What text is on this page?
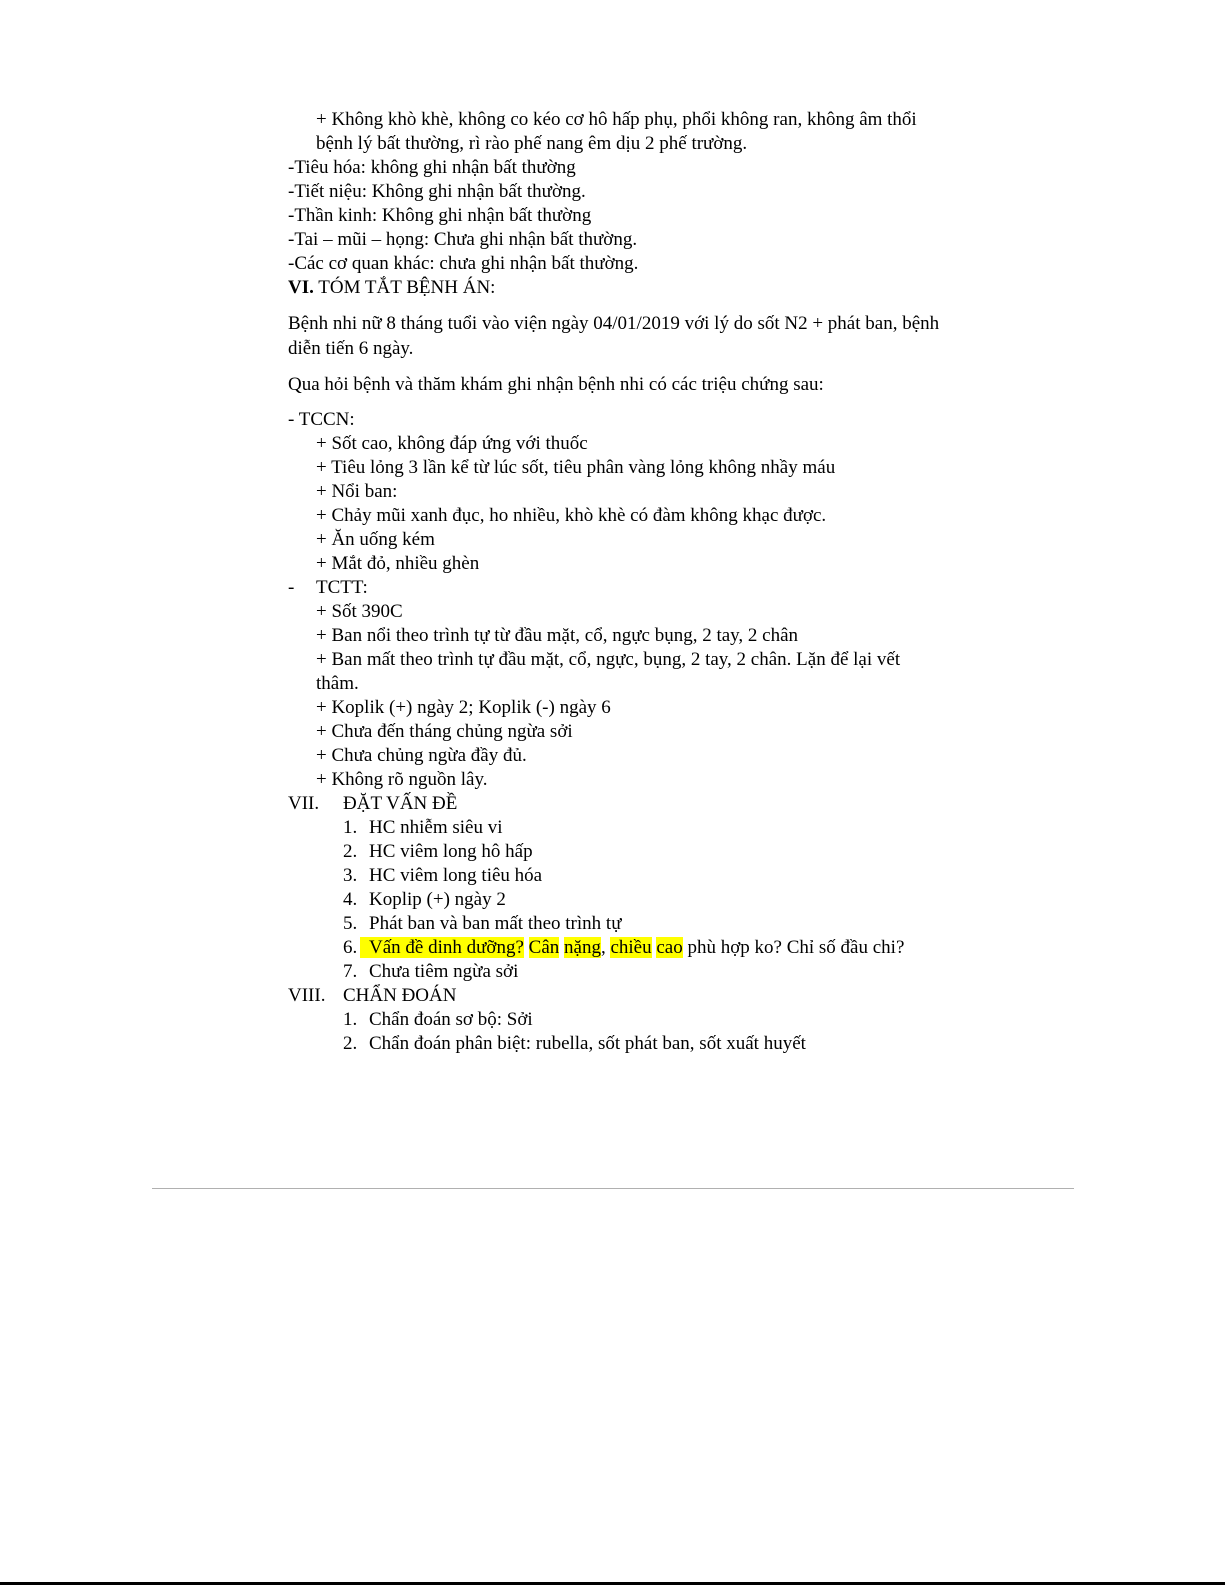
+ Không khò khè, không co kéo cơ hô hấp phụ, phổi không ran, không âm thổi
bệnh lý bất thường, rì rào phế nang êm dịu 2 phế trường.
-Tiêu hóa: không ghi nhận bất thường
-Tiết niệu: Không ghi nhận bất thường.
-Thần kinh: Không ghi nhận bất thường
-Tai – mũi – họng: Chưa ghi nhận bất thường.
-Các cơ quan khác: chưa ghi nhận bất thường.
VI. TÓM TẮT BỆNH ÁN:
Bệnh nhi nữ 8 tháng tuổi vào viện ngày 04/01/2019 với lý do sốt N2 + phát ban, bệnh
diễn tiến 6 ngày.
Qua hỏi bệnh và thăm khám ghi nhận bệnh nhi có các triệu chứng sau:
- TCCN:
+ Sốt cao, không đáp ứng với thuốc
+ Tiêu lỏng 3 lần kể từ lúc sốt, tiêu phân vàng lỏng không nhầy máu
+ Nổi ban:
+ Chảy mũi xanh đục, ho nhiều, khò khè có đàm không khạc được.
+ Ăn uống kém
+ Mắt đỏ, nhiều ghèn
- TCTT:
+ Sốt 390C
+ Ban nổi theo trình tự từ đầu mặt, cổ, ngực bụng, 2 tay, 2 chân
+ Ban mất theo trình tự đầu mặt, cổ, ngực, bụng, 2 tay, 2 chân. Lặn để lại vết
thâm.
+ Koplik (+) ngày 2; Koplik (-) ngày 6
+ Chưa đến tháng chủng ngừa sởi
+ Chưa chủng ngừa đầy đủ.
+ Không rõ nguồn lây.
VII. ĐẶT VẤN ĐỀ
1. HC nhiễm siêu vi
2. HC viêm long hô hấp
3. HC viêm long tiêu hóa
4. Koplip (+) ngày 2
5. Phát ban và ban mất theo trình tự
6. Vấn đề dinh dưỡng? Cân nặng, chiều cao phù hợp ko? Chỉ số đầu chi?
7. Chưa tiêm ngừa sởi
VIII. CHẨN ĐOÁN
1. Chẩn đoán sơ bộ: Sởi
2. Chẩn đoán phân biệt: rubella, sốt phát ban, sốt xuất huyết
